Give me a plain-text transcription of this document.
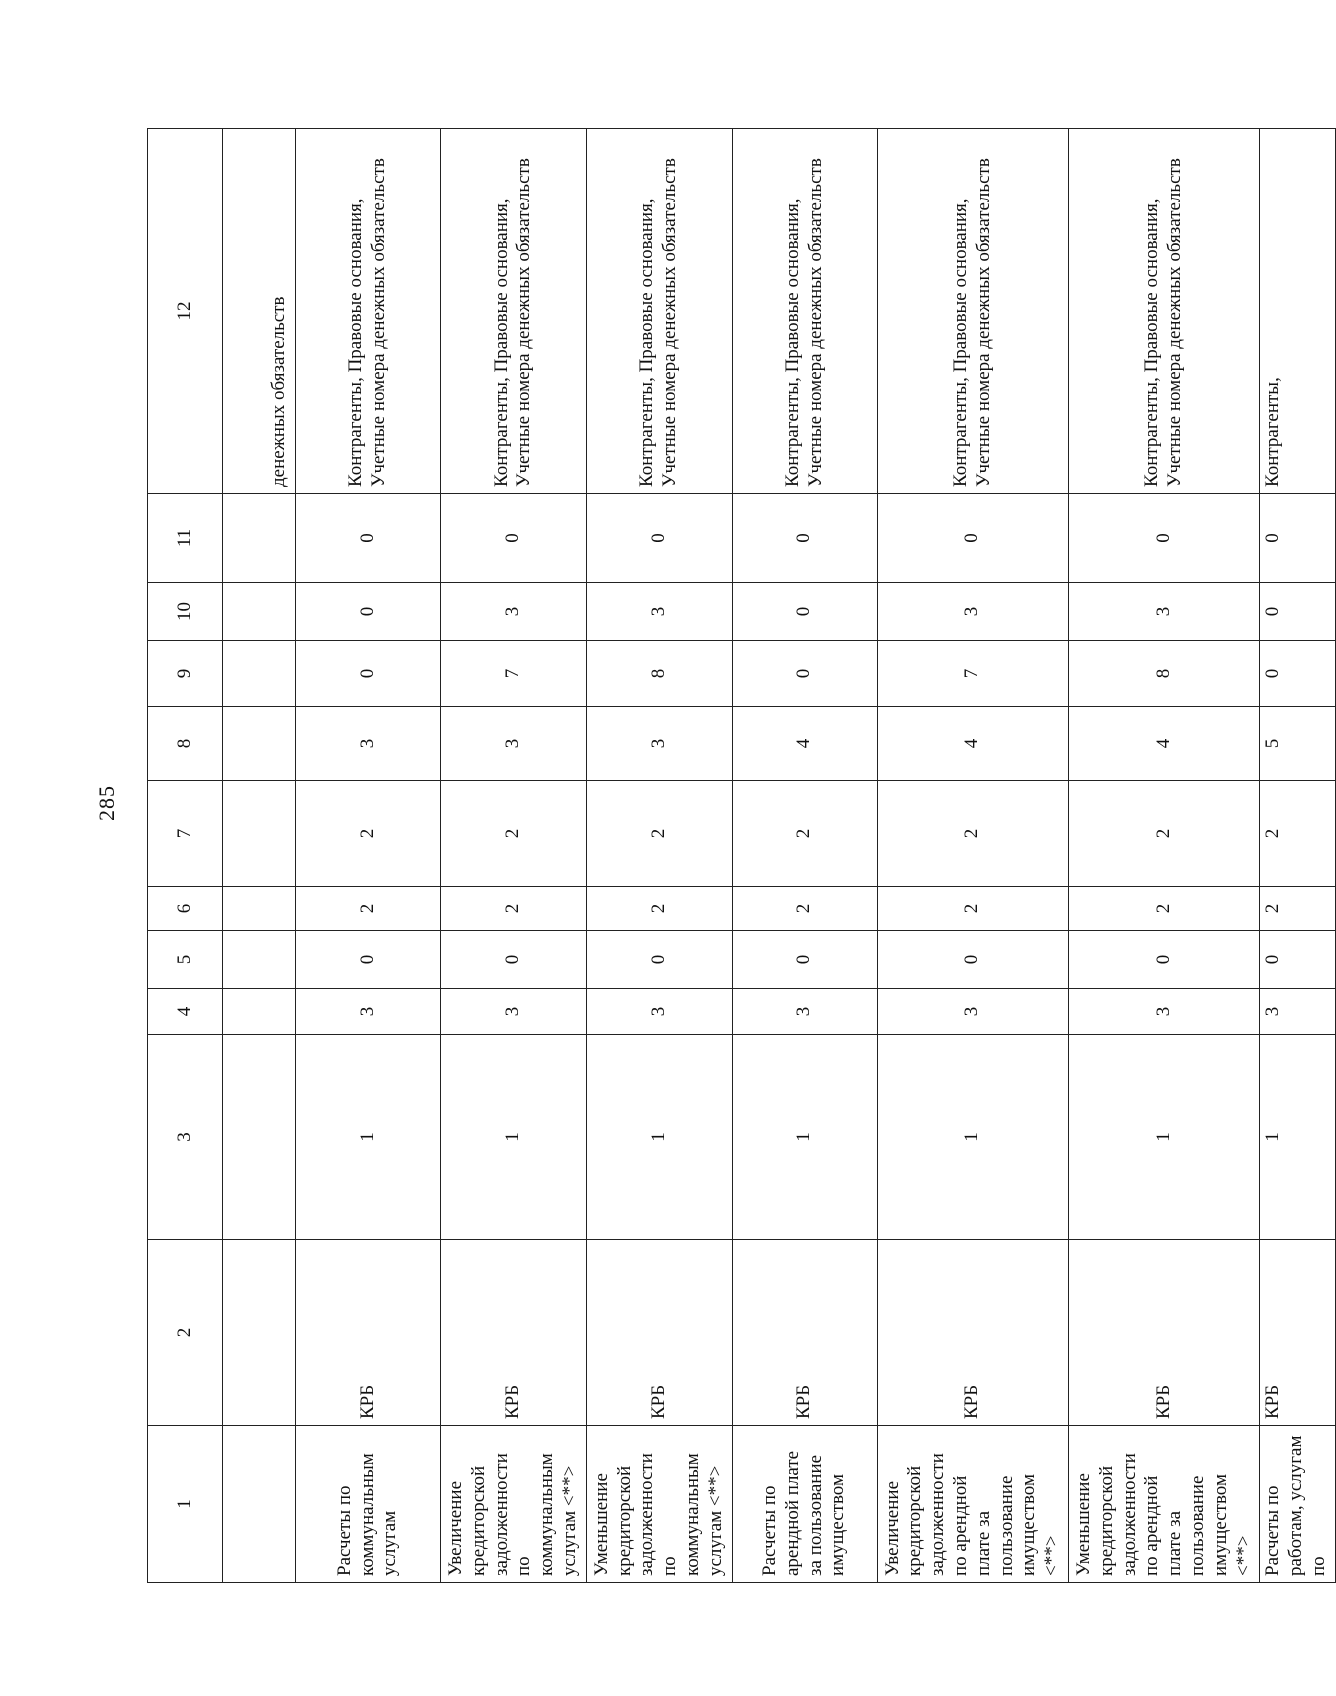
285
1	2	3	4	5	6	7	8	9	10	11	12
											денежных обязательств
Расчеты по коммунальным услугам	КРБ	1	3	0	2	2	3	0	0	0	Контрагенты, Правовые основания, Учетные номера денежных обязательств
Увеличение кредиторской задолженности по коммунальным услугам <**>	КРБ	1	3	0	2	2	3	7	3	0	Контрагенты, Правовые основания, Учетные номера денежных обязательств
Уменьшение кредиторской задолженности по коммунальным услугам <**>	КРБ	1	3	0	2	2	3	8	3	0	Контрагенты, Правовые основания, Учетные номера денежных обязательств
Расчеты по арендной плате за пользование имуществом	КРБ	1	3	0	2	2	4	0	0	0	Контрагенты, Правовые основания, Учетные номера денежных обязательств
Увеличение кредиторской задолженности по арендной плате за пользование имуществом <**>	КРБ	1	3	0	2	2	4	7	3	0	Контрагенты, Правовые основания, Учетные номера денежных обязательств
Уменьшение кредиторской задолженности по арендной плате за пользование имуществом <**>	КРБ	1	3	0	2	2	4	8	3	0	Контрагенты, Правовые основания, Учетные номера денежных обязательств
Расчеты по работам, услугам по	КРБ	1	3	0	2	2	5	0	0	0	Контрагенты,
